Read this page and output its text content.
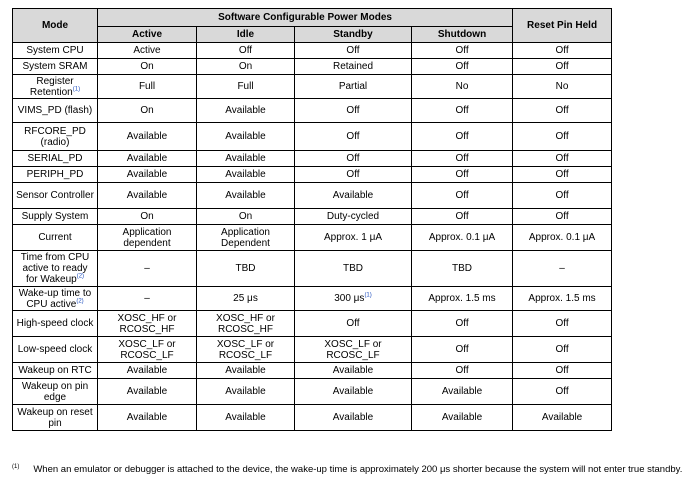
Mode	Software Configurable Power Modes				Reset Pin Held
	Active	Idle	Standby	Shutdown	
System CPU	Active	Off	Off	Off	Off
System SRAM	On	On	Retained	Off	Off
Register Retention$^{(1)}$	Full	Full	Partial	No	No
VIMS_PD (flash)	On	Available	Off	Off	Off
RFCORE_PD (radio)	Available	Available	Off	Off	Off
SERIAL_PD	Available	Available	Off	Off	Off
PERIPH_PD	Available	Available	Off	Off	Off
Sensor Controller	Available	Available	Available	Off	Off
Supply System	On	On	Duty-cycled	Off	Off
Current	Application dependent	Application Dependent	Approx. 1 μA	Approx. 0.1 μA	Approx. 0.1 μA
Time from CPU active to ready for Wakeup$^{(2)}$	–	TBD	TBD	TBD	–
Wake-up time to CPU active$^{(2)}$	–	25 μs	300 $\mu s^{(1)}$	Approx. 1.5 ms	Approx. 1.5 ms
High-speed clock	XOSC_HF or RCOSC_HF	XOSC_HF or RCOSC_HF	Off	Off	Off
Low-speed clock	XOSC_LF or RCOSC_LF	XOSC_LF or RCOSC_LF	XOSC_LF or RCOSC_LF	Off	Off
Wakeup on RTC	Available	Available	Available	Off	Off
Wakeup on pin edge	Available	Available	Available	Available	Off
Wakeup on reset pin	Available	Available	Available	Available	Available
$^{(1)}$ When an emulator or debugger is attached to the device, the wake-up time is approximately 200 μs shorter because the system will not enter true standby.
